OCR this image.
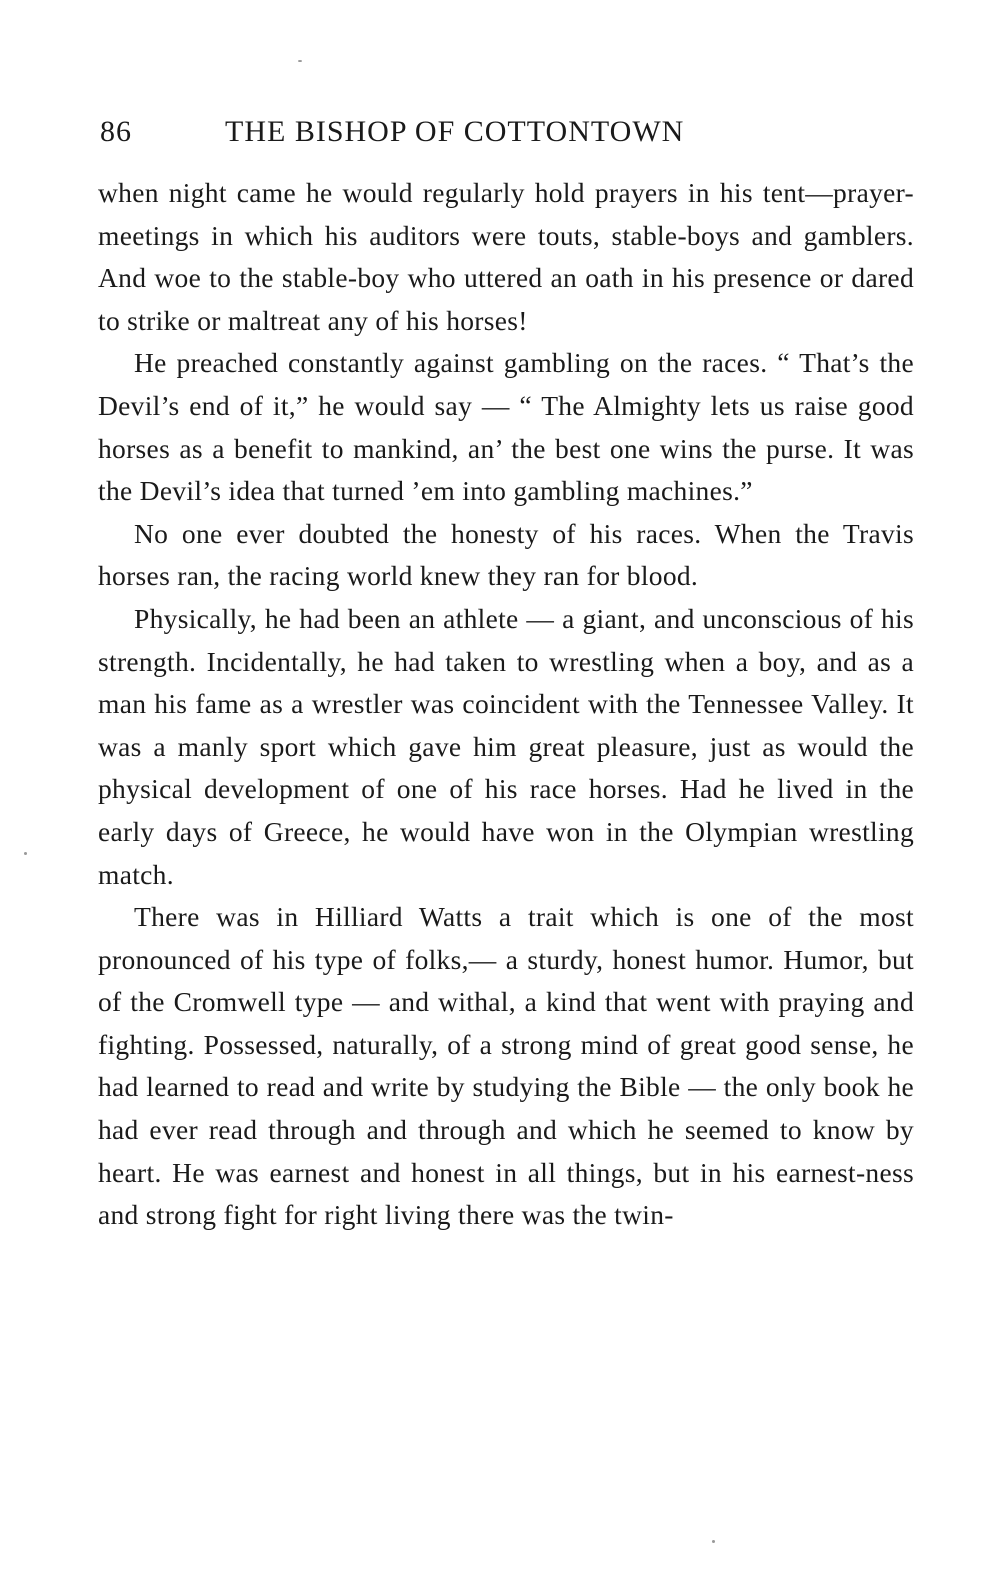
86	THE BISHOP OF COTTONTOWN

when night came he would regularly hold prayers in his tent—prayer-meetings in which his auditors were touts, stable-boys and gamblers. And woe to the stable-boy who uttered an oath in his presence or dared to strike or maltreat any of his horses!

He preached constantly against gambling on the races. “ That’s the Devil’s end of it,” he would say — “ The Almighty lets us raise good horses as a benefit to mankind, an’ the best one wins the purse. It was the Devil’s idea that turned ’em into gambling machines.”

No one ever doubted the honesty of his races. When the Travis horses ran, the racing world knew they ran for blood.

Physically, he had been an athlete — a giant, and unconscious of his strength. Incidentally, he had taken to wrestling when a boy, and as a man his fame as a wrestler was coincident with the Tennessee Valley. It was a manly sport which gave him great pleasure, just as would the physical development of one of his race horses. Had he lived in the early days of Greece, he would have won in the Olympian wrestling match.

There was in Hilliard Watts a trait which is one of the most pronounced of his type of folks,— a sturdy, honest humor. Humor, but of the Cromwell type — and withal, a kind that went with praying and fighting. Possessed, naturally, of a strong mind of great good sense, he had learned to read and write by studying the Bible — the only book he had ever read through and through and which he seemed to know by heart. He was earnest and honest in all things, but in his earnest-ness and strong fight for right living there was the twin-
